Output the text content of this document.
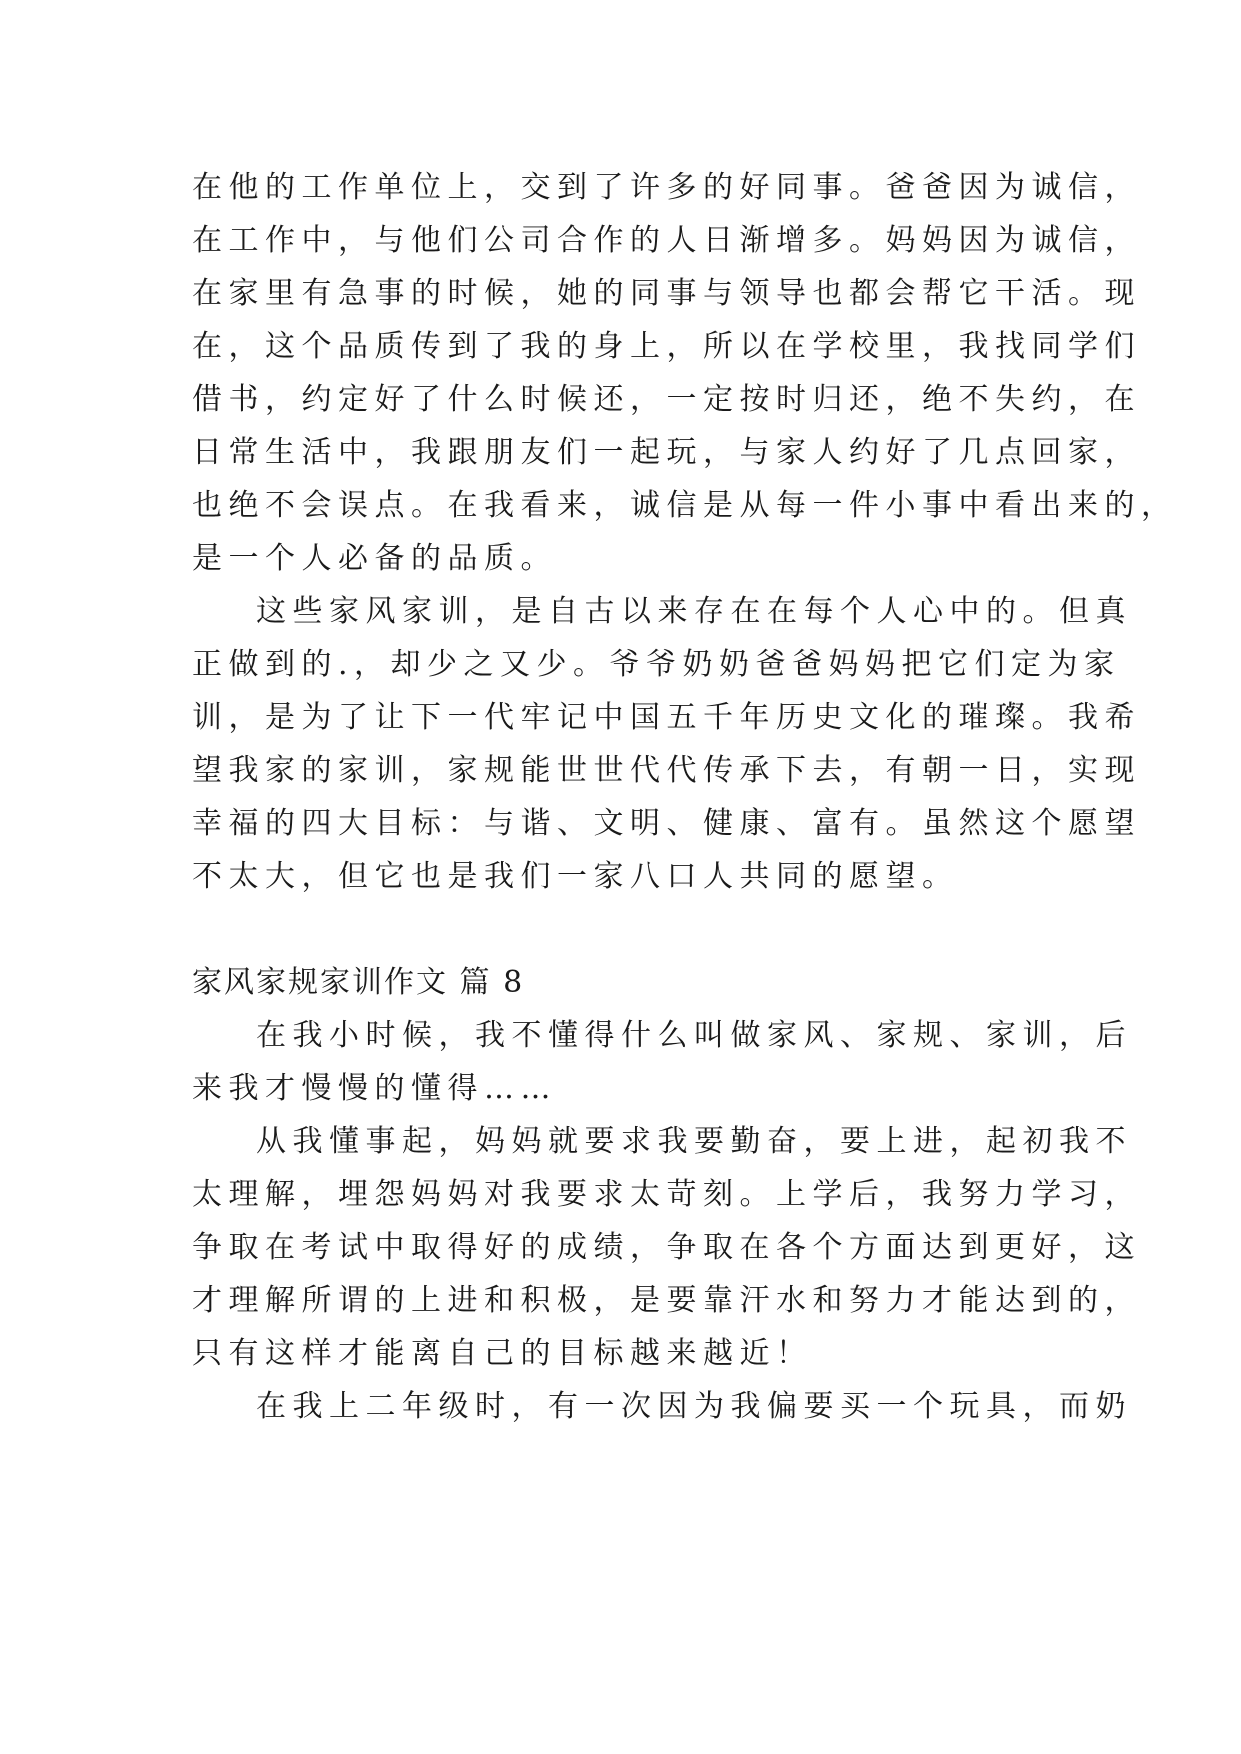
在他的工作单位上，交到了许多的好同事。爸爸因为诚信，
在工作中，与他们公司合作的人日渐增多。妈妈因为诚信，
在家里有急事的时候，她的同事与领导也都会帮它干活。现
在，这个品质传到了我的身上，所以在学校里，我找同学们
借书，约定好了什么时候还，一定按时归还，绝不失约，在
日常生活中，我跟朋友们一起玩，与家人约好了几点回家，
也绝不会误点。在我看来，诚信是从每一件小事中看出来的，
是一个人必备的品质。
这些家风家训，是自古以来存在在每个人心中的。但真
正做到的.，却少之又少。爷爷奶奶爸爸妈妈把它们定为家
训，是为了让下一代牢记中国五千年历史文化的璀璨。我希
望我家的家训，家规能世世代代传承下去，有朝一日，实现
幸福的四大目标：与谐、文明、健康、富有。虽然这个愿望
不太大，但它也是我们一家八口人共同的愿望。
家风家规家训作文 篇 8
在我小时候，我不懂得什么叫做家风、家规、家训，后
来我才慢慢的懂得……
从我懂事起，妈妈就要求我要勤奋，要上进，起初我不
太理解，埋怨妈妈对我要求太苛刻。上学后，我努力学习，
争取在考试中取得好的成绩，争取在各个方面达到更好，这
才理解所谓的上进和积极，是要靠汗水和努力才能达到的，
只有这样才能离自己的目标越来越近！
在我上二年级时，有一次因为我偏要买一个玩具，而奶
